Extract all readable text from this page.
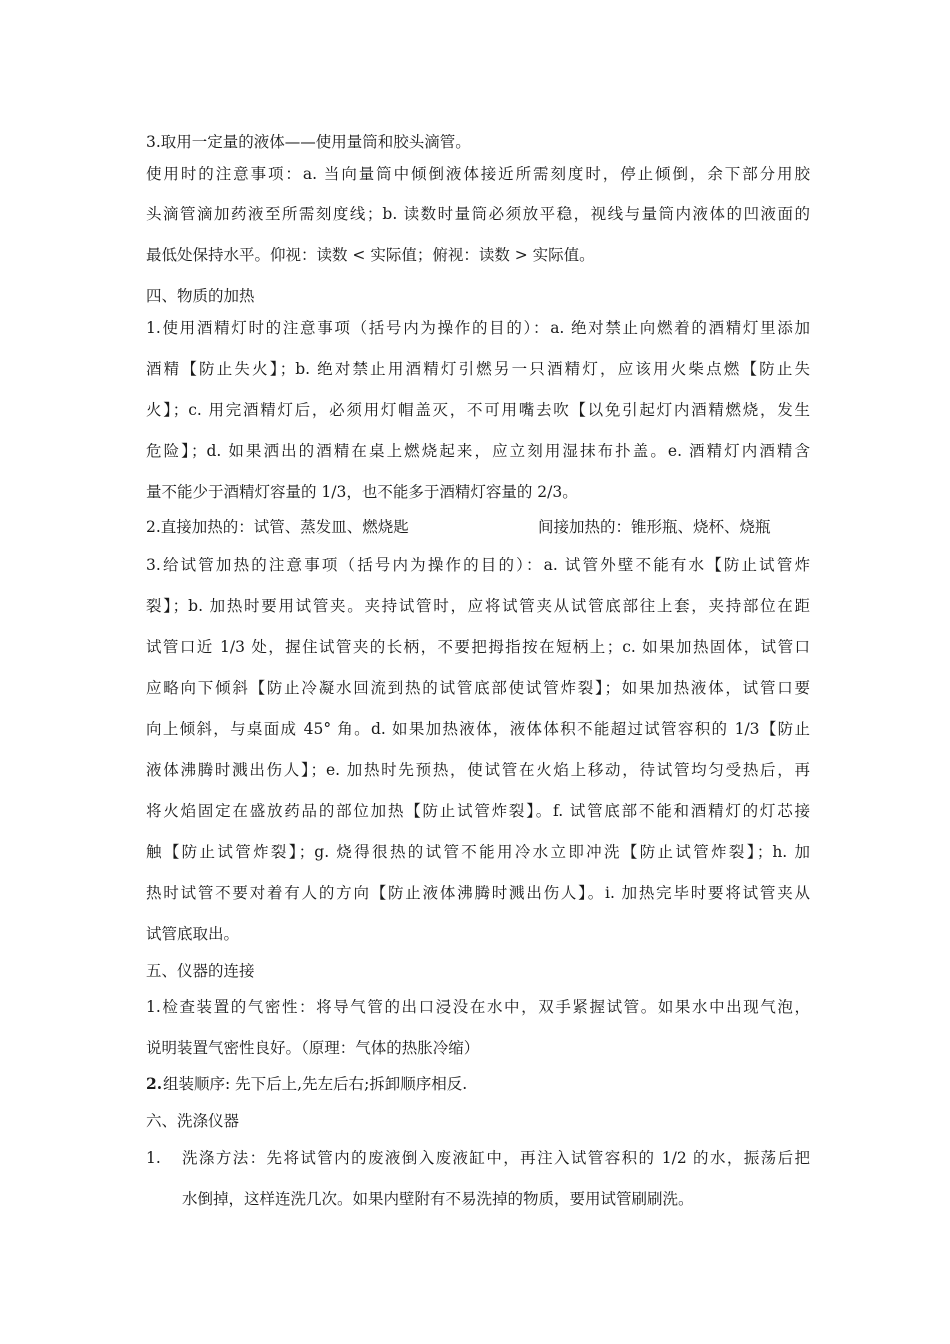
3.取用一定量的液体——使用量筒和胶头滴管。
使用时的注意事项：a. 当向量筒中倾倒液体接近所需刻度时，停止倾倒，余下部分用胶
头滴管滴加药液至所需刻度线；b. 读数时量筒必须放平稳，视线与量筒内液体的凹液面的
最低处保持水平。仰视：读数 < 实际值；俯视：读数 > 实际值。
四、物质的加热
1.使用酒精灯时的注意事项（括号内为操作的目的）：a. 绝对禁止向燃着的酒精灯里添加
酒精【防止失火】；b. 绝对禁止用酒精灯引燃另一只酒精灯，应该用火柴点燃【防止失
火】；c. 用完酒精灯后，必须用灯帽盖灭，不可用嘴去吹【以免引起灯内酒精燃烧，发生
危险】；d. 如果洒出的酒精在桌上燃烧起来，应立刻用湿抹布扑盖。e. 酒精灯内酒精含
量不能少于酒精灯容量的 1/3，也不能多于酒精灯容量的 2/3。
2.直接加热的：试管、蒸发皿、燃烧匙	间接加热的：锥形瓶、烧杯、烧瓶
3.给试管加热的注意事项（括号内为操作的目的）：a. 试管外壁不能有水【防止试管炸
裂】；b. 加热时要用试管夹。夹持试管时，应将试管夹从试管底部往上套，夹持部位在距
试管口近 1/3 处，握住试管夹的长柄，不要把拇指按在短柄上；c. 如果加热固体，试管口
应略向下倾斜【防止冷凝水回流到热的试管底部使试管炸裂】；如果加热液体，试管口要
向上倾斜，与桌面成 45° 角。d. 如果加热液体，液体体积不能超过试管容积的 1/3【防止
液体沸腾时溅出伤人】；e. 加热时先预热，使试管在火焰上移动，待试管均匀受热后，再
将火焰固定在盛放药品的部位加热【防止试管炸裂】。f. 试管底部不能和酒精灯的灯芯接
触【防止试管炸裂】；g. 烧得很热的试管不能用冷水立即冲洗【防止试管炸裂】；h. 加
热时试管不要对着有人的方向【防止液体沸腾时溅出伤人】。i. 加热完毕时要将试管夹从
试管底取出。
五、仪器的连接
1.检查装置的气密性：将导气管的出口浸没在水中，双手紧握试管。如果水中出现气泡，
说明装置气密性良好。（原理：气体的热胀冷缩）
2. 组装顺序: 先下后上,先左后右;拆卸顺序相反.
六、洗涤仪器
1.	洗涤方法：先将试管内的废液倒入废液缸中，再注入试管容积的 1/2 的水，振荡后把
水倒掉，这样连洗几次。如果内壁附有不易洗掉的物质，要用试管刷刷洗。
